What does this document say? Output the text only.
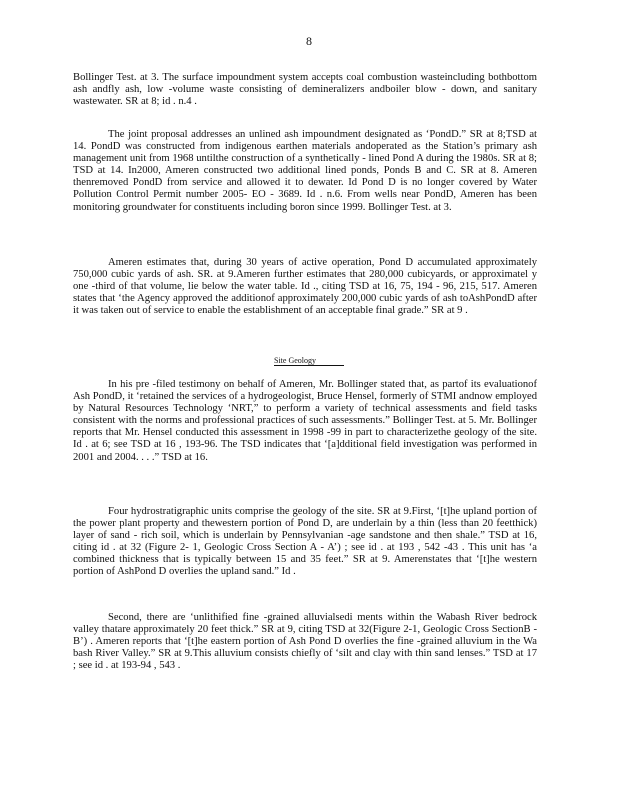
8

Bollinger Test. at 3. The surface impoundment system accepts coal combustion wasteincluding bothbottom ash andfly ash, low -volume waste consisting of demineralizers andboiler blow - down, and sanitary wastewater. SR at 8; id . n.4 .

The joint proposal addresses an unlined ash impoundment designated as ‘PondD.” SR at 8;TSD at 14. PondD was constructed from indigenous earthen materials andoperated as the Station’s primary ash management unit from 1968 untilthe construction of a synthetically - lined Pond A during the 1980s. SR at 8; TSD at 14. In2000, Ameren constructed two additional lined ponds, Ponds B and C. SR at 8. Ameren thenremoved PondD from service and allowed it to dewater. Id Pond D is no longer covered by Water Pollution Control Permit number 2005- EO - 3689. Id . n.6. From wells near PondD, Ameren has been monitoring groundwater for constituents including boron since 1999. Bollinger Test. at 3.

Ameren estimates that, during 30 years of active operation, Pond D accumulated approximately 750,000 cubic yards of ash. SR. at 9.Ameren further estimates that 280,000 cubicyards, or approximatel y one -third of that volume, lie below the water table. Id ., citing TSD at 16, 75, 194 - 96, 215, 517. Ameren states that ‘the Agency approved the additionof approximately 200,000 cubic yards of ash toAshPondD after it was taken out of service to enable the establishment of an acceptable final grade.” SR at 9 .

Site Geology

In his pre -filed testimony on behalf of Ameren, Mr. Bollinger stated that, as partof its evaluationof Ash PondD, it ‘retained the services of a hydrogeologist, Bruce Hensel, formerly of STMI andnow employed by Natural Resources Technology ‘NRT,” to perform a variety of technical assessments and field tasks consistent with the norms and professional practices of such assessments.” Bollinger Test. at 5. Mr. Bollinger reports that Mr. Hensel conducted this assessment in 1998 -99 in part to characterizethe geology of the site. Id . at 6; see TSD at 16 , 193-96. The TSD indicates that ‘[a]dditional field investigation was performed in 2001 and 2004. . . .” TSD at 16.

Four hydrostratigraphic units comprise the geology of the site. SR at 9.First, ‘[t]he upland portion of the power plant property and thewestern portion of Pond D, are underlain by a thin (less than 20 feetthick) layer of sand - rich soil, which is underlain by Pennsylvanian -age sandstone and then shale.” TSD at 16, citing id . at 32 (Figure 2- 1, Geologic Cross Section A - A’) ; see id . at 193 , 542 -43 . This unit has ‘a combined thickness that is typically between 15 and 35 feet.” SR at 9. Amerenstates that ‘[t]he western portion of AshPond D overlies the upland sand.” Id .

Second, there are ‘unlithified fine -grained alluvialsedi ments within the Wabash River bedrock valley thatare approximately 20 feet thick.” SR at 9, citing TSD at 32(Figure 2-1, Geologic Cross SectionB - B’) . Ameren reports that ‘[t]he eastern portion of Ash Pond D overlies the fine -grained alluvium in the Wa bash River Valley.” SR at 9.This alluvium consists chiefly of ‘silt and clay with thin sand lenses.” TSD at 17 ; see id . at 193-94 , 543 .
